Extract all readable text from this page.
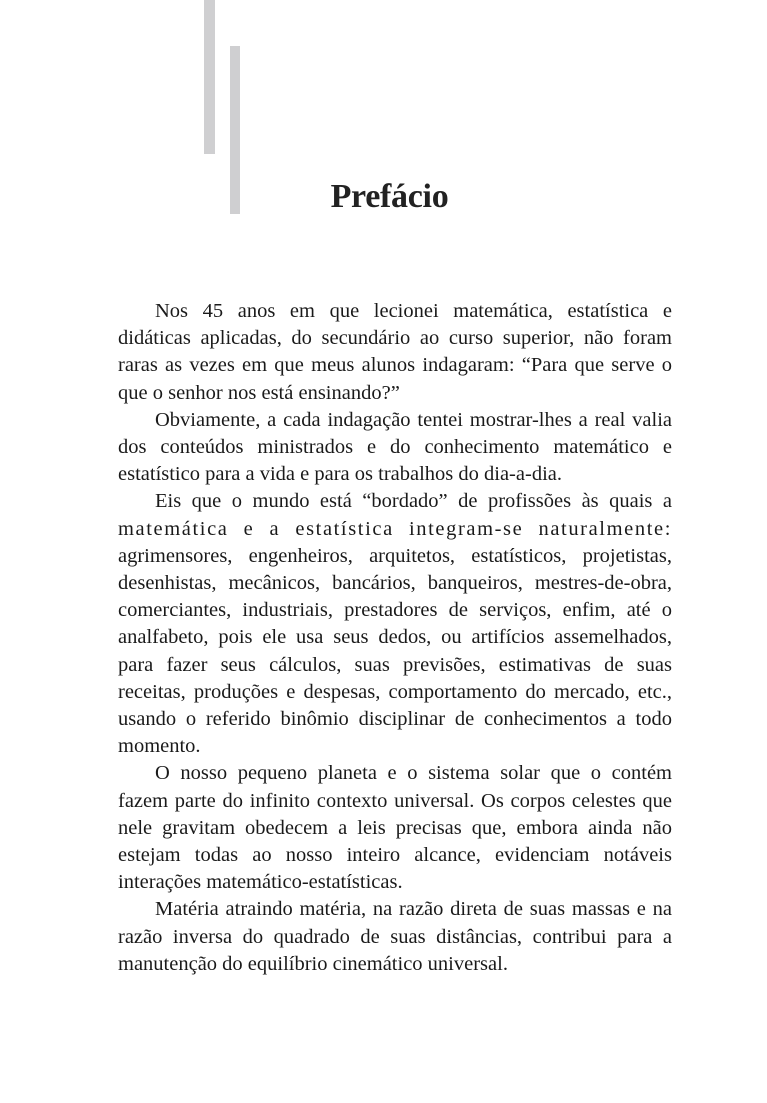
Prefácio

Nos 45 anos em que lecionei matemática, estatística e didáticas aplicadas, do secundário ao curso superior, não foram raras as vezes em que meus alunos indagaram: “Para que serve o que o senhor nos está ensinando?”

Obviamente, a cada indagação tentei mostrar-lhes a real valia dos conteúdos ministrados e do conhecimento matemático e estatístico para a vida e para os trabalhos do dia-a-dia.

Eis que o mundo está “bordado” de profissões às quais a matemática e a estatística integram-se naturalmente: agrimensores, engenheiros, arquitetos, estatísticos, projetistas, desenhistas, mecânicos, bancários, banqueiros, mestres-de-obra, comerciantes, industriais, prestadores de serviços, enfim, até o analfabeto, pois ele usa seus dedos, ou artifícios assemelhados, para fazer seus cálculos, suas previsões, estimativas de suas receitas, produções e despesas, comportamento do mercado, etc., usando o referido binômio disciplinar de conhecimentos a todo momento.

O nosso pequeno planeta e o sistema solar que o contém fazem parte do infinito contexto universal. Os corpos celestes que nele gravitam obedecem a leis precisas que, embora ainda não estejam todas ao nosso inteiro alcance, evidenciam notáveis interações matemático-estatísticas.

Matéria atraindo matéria, na razão direta de suas massas e na razão inversa do quadrado de suas distâncias, contribui para a manutenção do equilíbrio cinemático universal.
